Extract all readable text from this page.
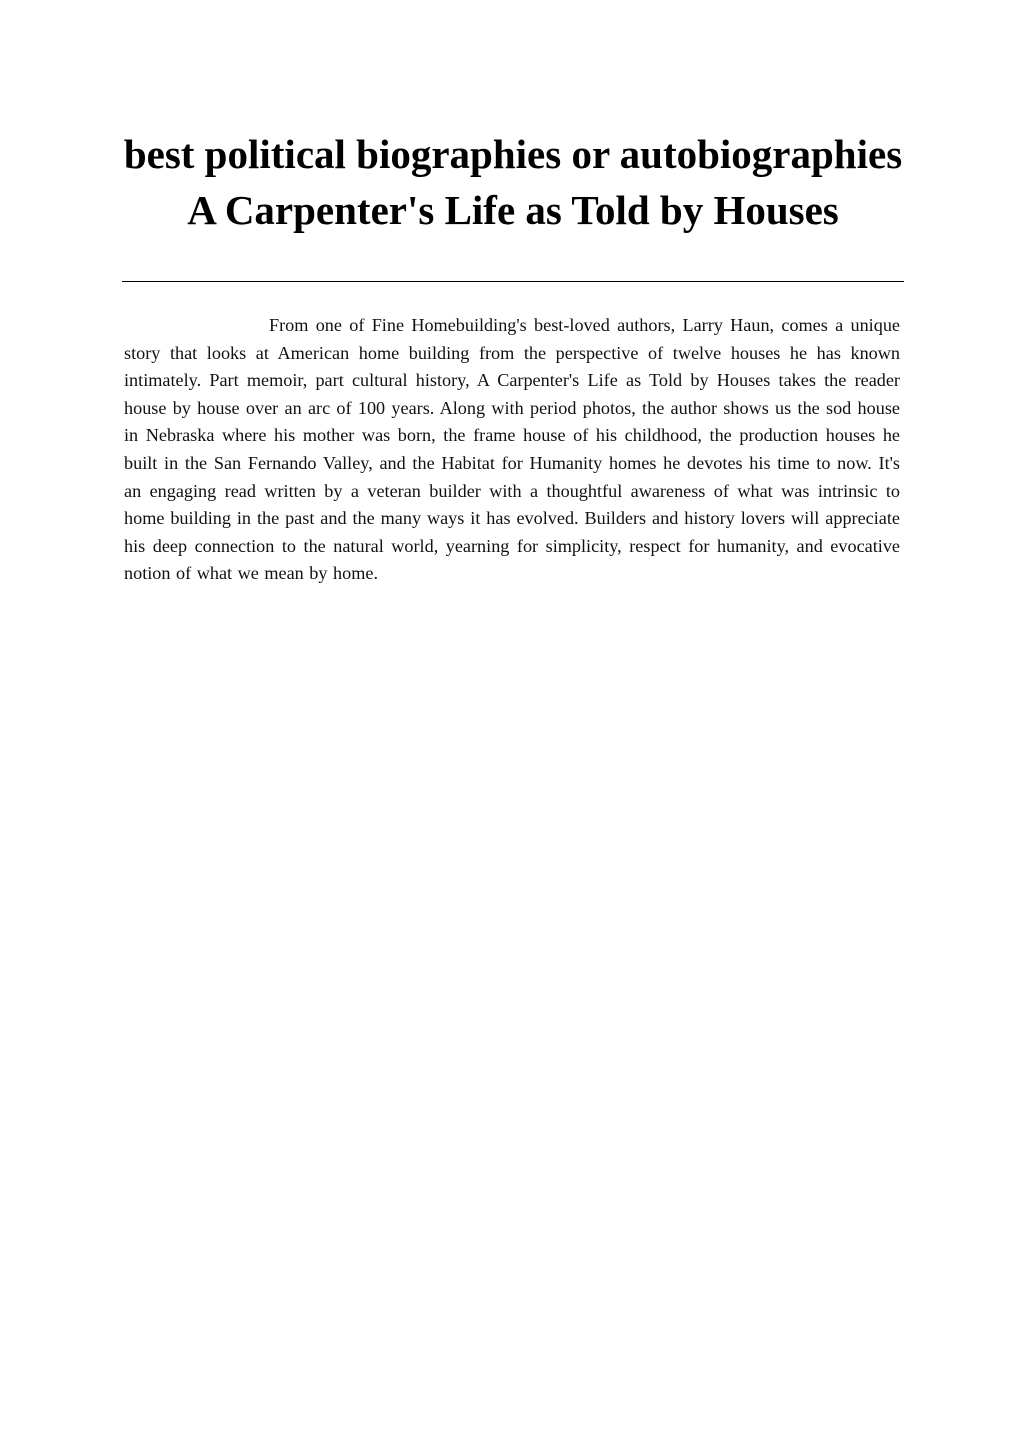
best political biographies or autobiographies A Carpenter's Life as Told by Houses

From one of Fine Homebuilding's best-loved authors, Larry Haun, comes a unique story that looks at American home building from the perspective of twelve houses he has known intimately. Part memoir, part cultural history, A Carpenter's Life as Told by Houses takes the reader house by house over an arc of 100 years. Along with period photos, the author shows us the sod house in Nebraska where his mother was born, the frame house of his childhood, the production houses he built in the San Fernando Valley, and the Habitat for Humanity homes he devotes his time to now. It's an engaging read written by a veteran builder with a thoughtful awareness of what was intrinsic to home building in the past and the many ways it has evolved. Builders and history lovers will appreciate his deep connection to the natural world, yearning for simplicity, respect for humanity, and evocative notion of what we mean by home.
